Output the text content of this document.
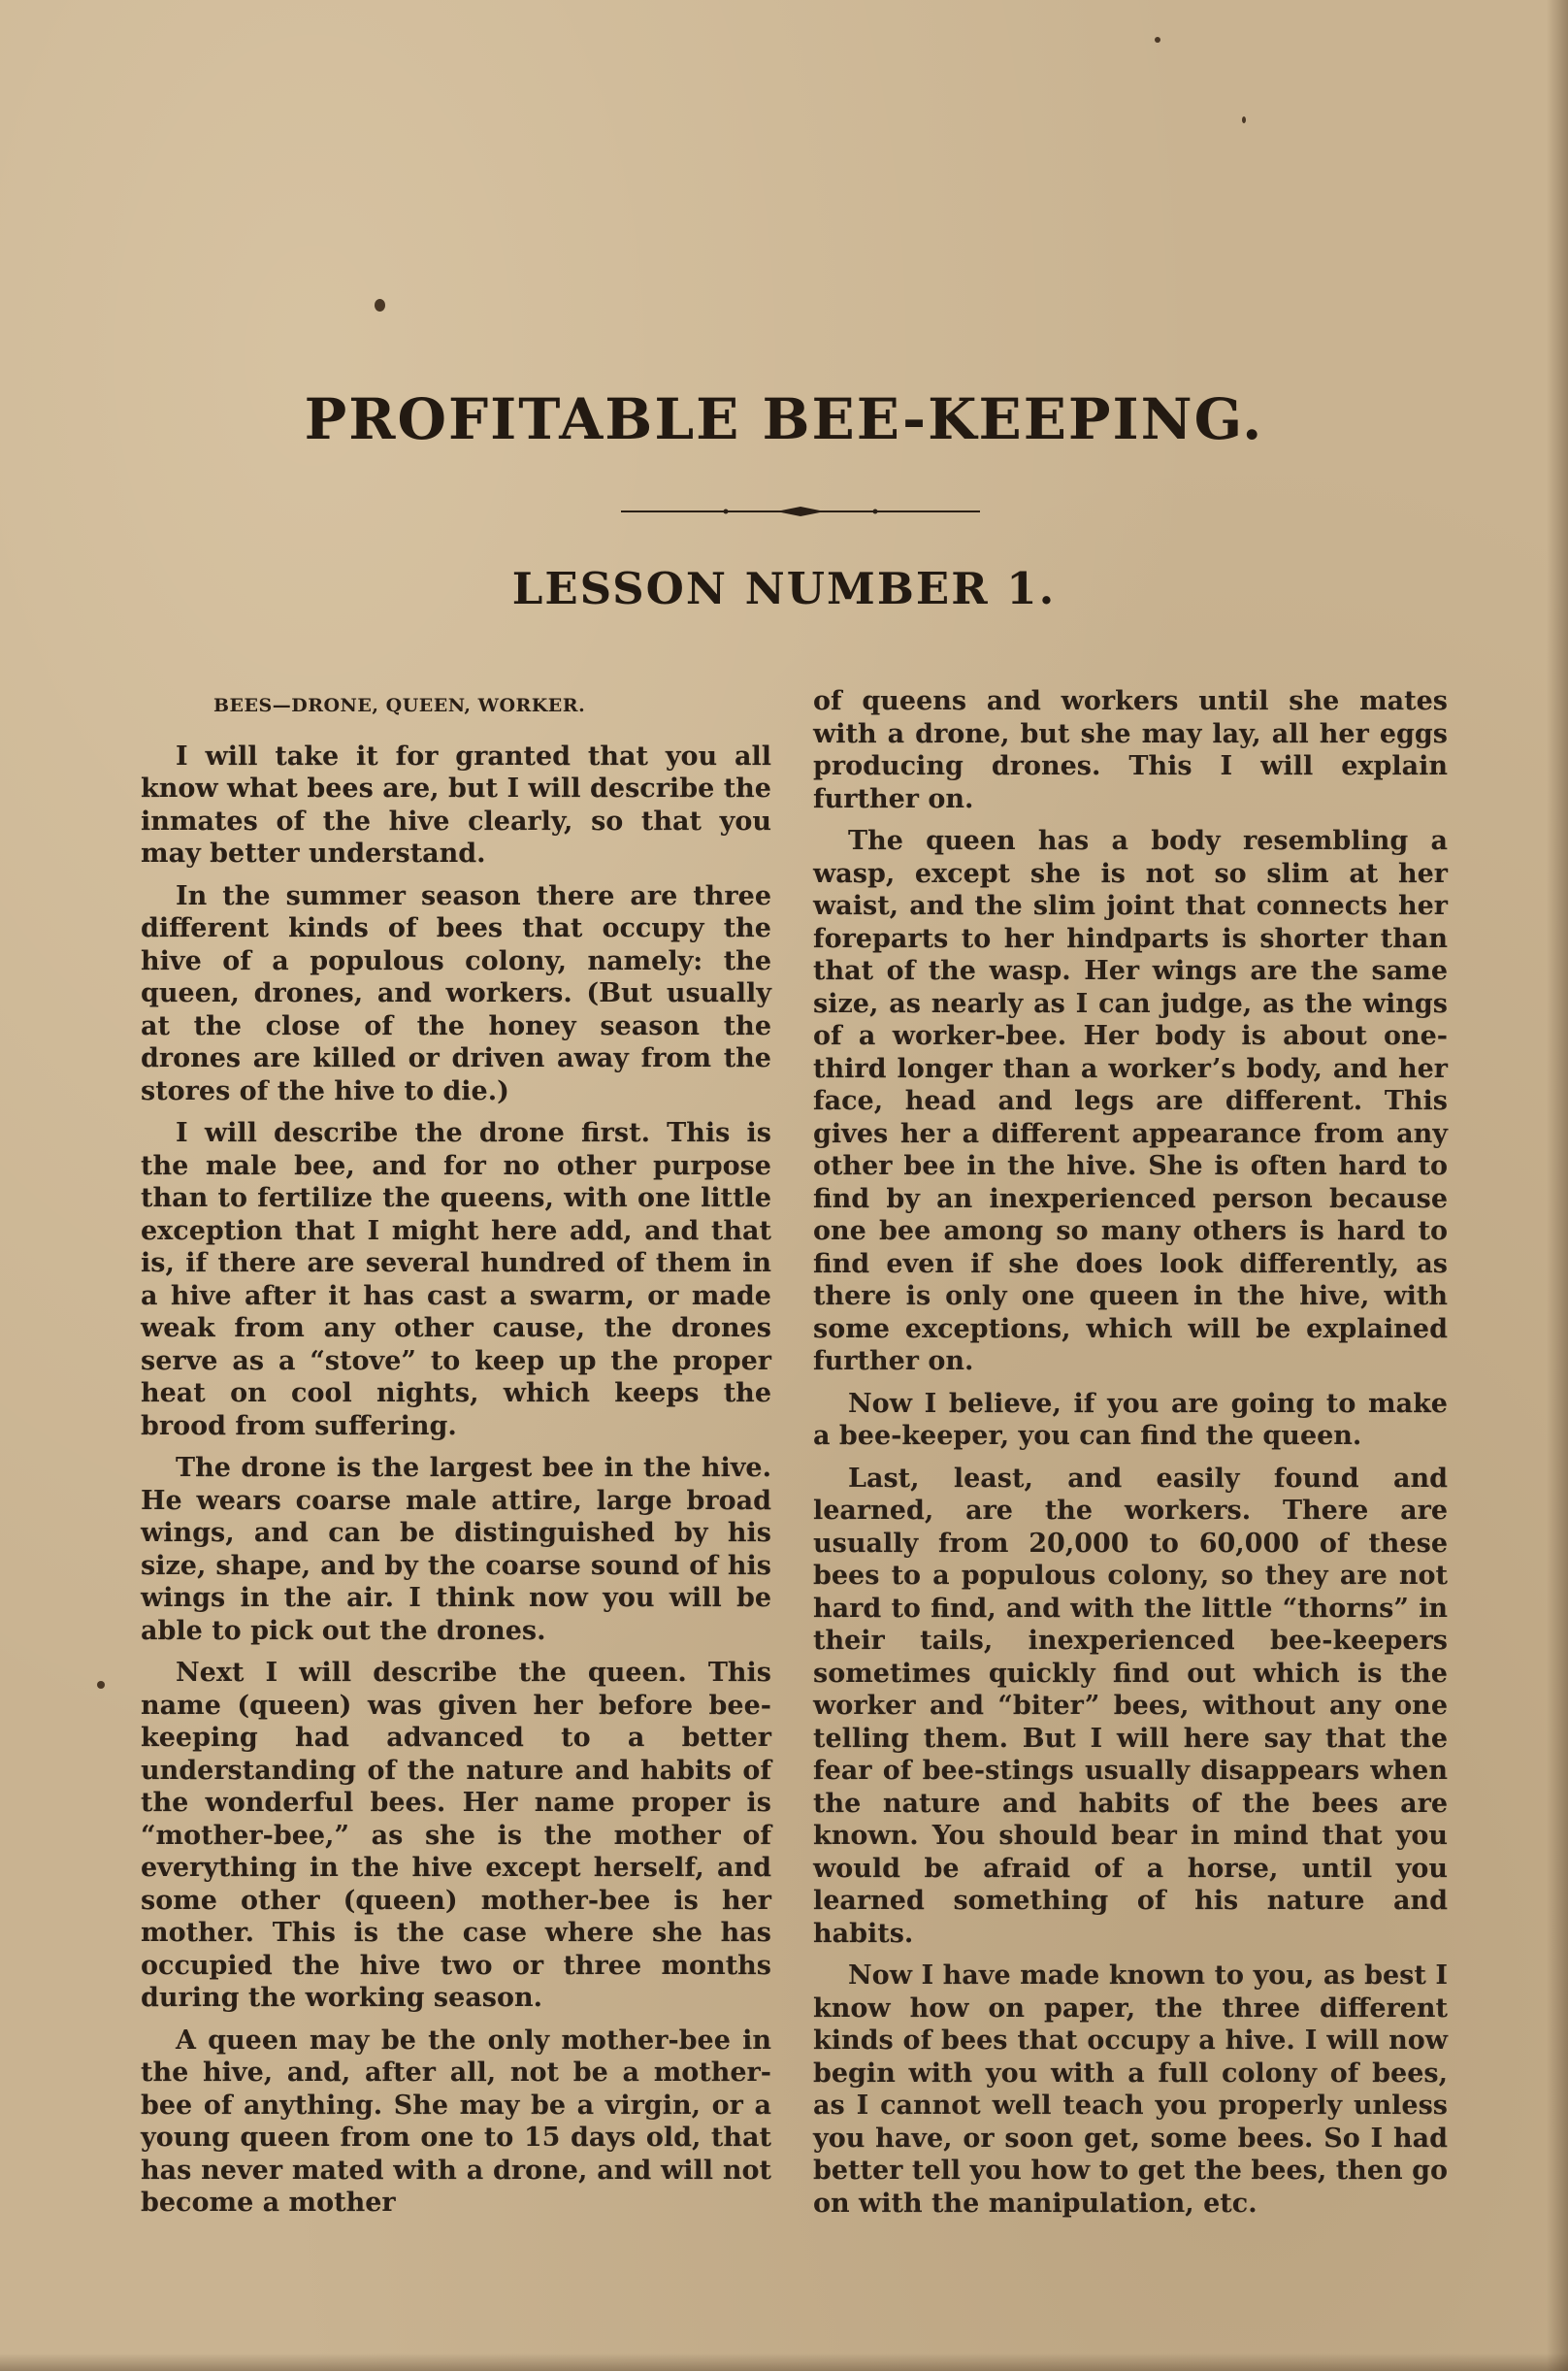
PROFITABLE BEE-KEEPING.
LESSON NUMBER 1.
BEES—DRONE, QUEEN, WORKER.

I will take it for granted that you all know what bees are, but I will describe the inmates of the hive clearly, so that you may better understand.

In the summer season there are three different kinds of bees that occupy the hive of a populous colony, namely: the queen, drones, and workers. (But usually at the close of the honey season the drones are killed or driven away from the stores of the hive to die.)

I will describe the drone first. This is the male bee, and for no other purpose than to fertilize the queens, with one little exception that I might here add, and that is, if there are several hundred of them in a hive after it has cast a swarm, or made weak from any other cause, the drones serve as a “stove” to keep up the proper heat on cool nights, which keeps the brood from suffering.

The drone is the largest bee in the hive. He wears coarse male attire, large broad wings, and can be distinguished by his size, shape, and by the coarse sound of his wings in the air. I think now you will be able to pick out the drones.

Next I will describe the queen. This name (queen) was given her before bee-keeping had advanced to a better understanding of the nature and habits of the wonderful bees. Her name proper is “mother-bee,” as she is the mother of everything in the hive except herself, and some other (queen) mother-bee is her mother. This is the case where she has occupied the hive two or three months during the working season.

A queen may be the only mother-bee in the hive, and, after all, not be a mother-bee of anything. She may be a virgin, or a young queen from one to 15 days old, that has never mated with a drone, and will not become a mother

of queens and workers until she mates with a drone, but she may lay, all her eggs producing drones. This I will explain further on.

The queen has a body resembling a wasp, except she is not so slim at her waist, and the slim joint that connects her foreparts to her hindparts is shorter than that of the wasp. Her wings are the same size, as nearly as I can judge, as the wings of a worker-bee. Her body is about one-third longer than a worker’s body, and her face, head and legs are different. This gives her a different appearance from any other bee in the hive. She is often hard to find by an inexperienced person because one bee among so many others is hard to find even if she does look differently, as there is only one queen in the hive, with some exceptions, which will be explained further on.

Now I believe, if you are going to make a bee-keeper, you can find the queen.

Last, least, and easily found and learned, are the workers. There are usually from 20,000 to 60,000 of these bees to a populous colony, so they are not hard to find, and with the little “thorns” in their tails, inexperienced bee-keepers sometimes quickly find out which is the worker and “biter” bees, without any one telling them. But I will here say that the fear of bee-stings usually disappears when the nature and habits of the bees are known. You should bear in mind that you would be afraid of a horse, until you learned something of his nature and habits.

Now I have made known to you, as best I know how on paper, the three different kinds of bees that occupy a hive. I will now begin with you with a full colony of bees, as I cannot well teach you properly unless you have, or soon get, some bees. So I had better tell you how to get the bees, then go on with the manipulation, etc.
